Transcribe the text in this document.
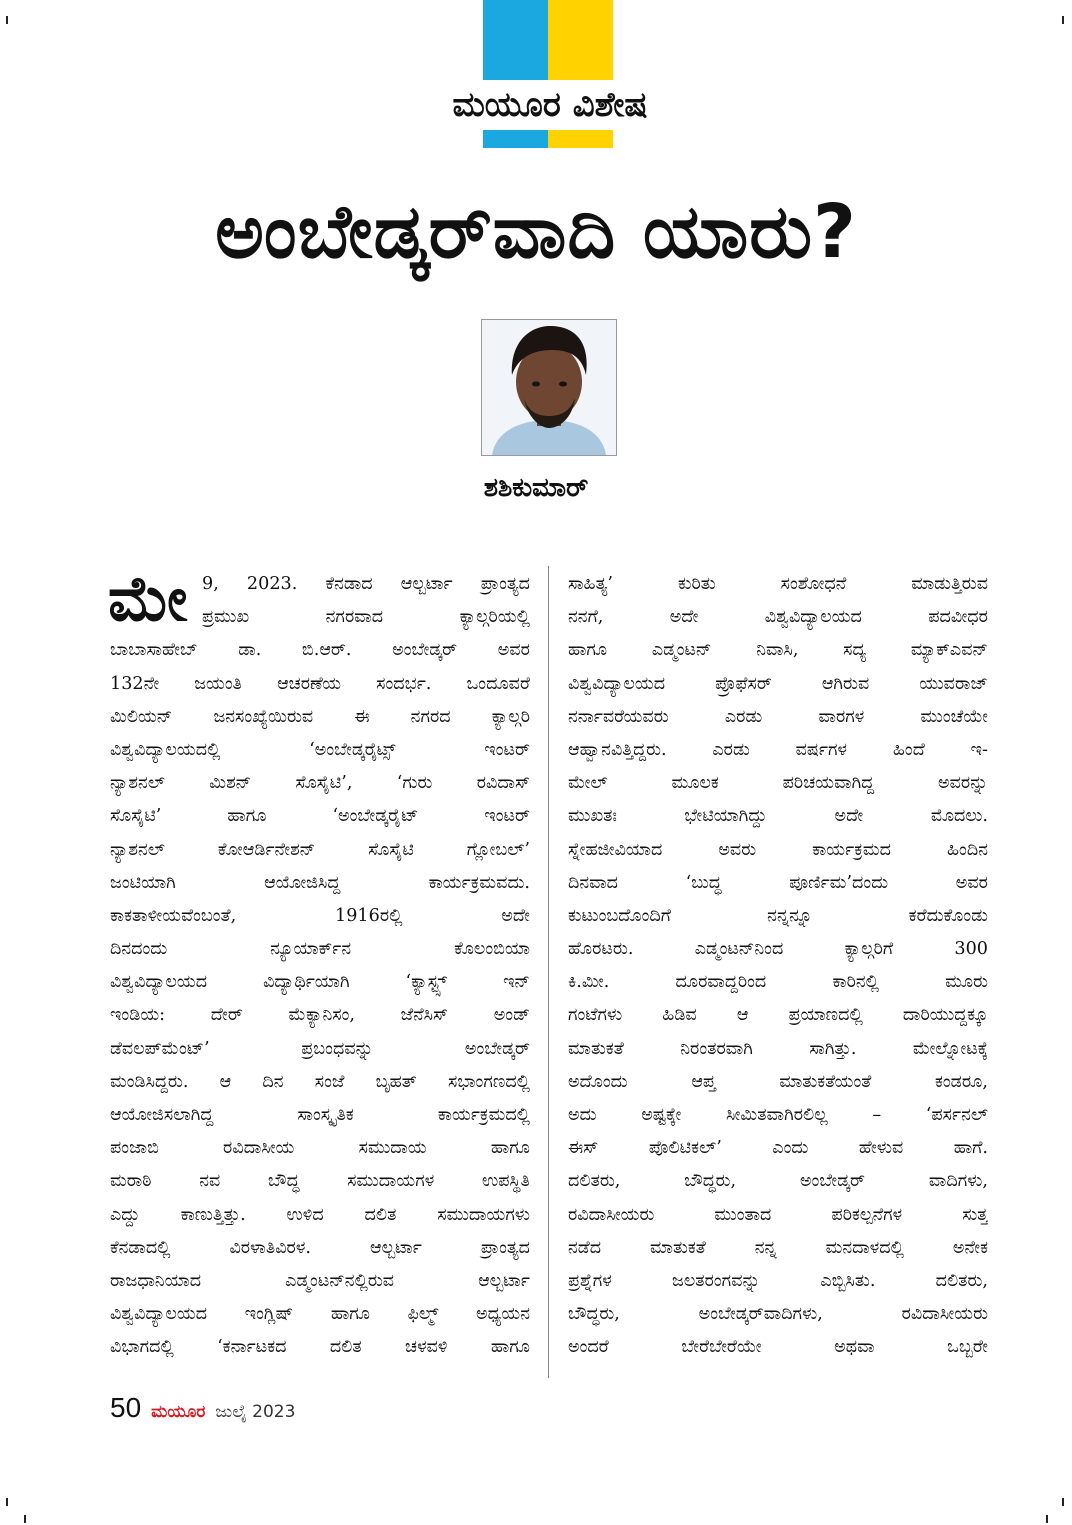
ಮಯೂರ ವಿಶೇಷ
ಅಂಬೇಡ್ಕರ್‌ವಾದಿ ಯಾರು?
ಶಶಿಕುಮಾರ್
ಮೇ 9, 2023. ಕೆನಡಾದ ಆಲ್ಬರ್ಟಾ ಪ್ರಾಂತ್ಯದ
ಪ್ರಮುಖ ನಗರವಾದ ಕ್ಯಾಲ್ಗರಿಯಲ್ಲಿ
ಬಾಬಾಸಾಹೇಬ್ ಡಾ. ಬಿ.ಆರ್. ಅಂಬೇಡ್ಕರ್ ಅವರ
132ನೇ ಜಯಂತಿ ಆಚರಣೆಯ ಸಂದರ್ಭ. ಒಂದೂವರೆ
ಮಿಲಿಯನ್ ಜನಸಂಖ್ಯೆಯಿರುವ ಈ ನಗರದ ಕ್ಯಾಲ್ಗರಿ
ವಿಶ್ವವಿದ್ಯಾಲಯದಲ್ಲಿ ‘ಅಂಬೇಡ್ಕರೈಟ್ಸ್ ಇಂಟರ್
ನ್ಯಾಶನಲ್ ಮಿಶನ್ ಸೊಸೈಟಿ’, ‘ಗುರು ರವಿದಾಸ್
ಸೊಸೈಟಿ’ ಹಾಗೂ ‘ಅಂಬೇಡ್ಕರೈಟ್ ಇಂಟರ್
ನ್ಯಾಶನಲ್ ಕೋಆರ್ಡಿನೇಶನ್ ಸೊಸೈಟಿ ಗ್ಲೋಬಲ್’
ಜಂಟಿಯಾಗಿ ಆಯೋಜಿಸಿದ್ದ ಕಾರ್ಯಕ್ರಮವದು.
ಕಾಕತಾಳೀಯವೆಂಬಂತೆ, 1916ರಲ್ಲಿ ಅದೇ
ದಿನದಂದು ನ್ಯೂಯಾರ್ಕ್‌ನ ಕೊಲಂಬಿಯಾ
ವಿಶ್ವವಿದ್ಯಾಲಯದ ವಿದ್ಯಾರ್ಥಿಯಾಗಿ ‘ಕ್ಯಾಸ್ಟ್ಸ್ ಇನ್
ಇಂಡಿಯ: ದೇರ್ ಮೆಕ್ಯಾನಿಸಂ, ಜೆನೆಸಿಸ್ ಅಂಡ್
ಡೆವಲಪ್‌ಮೆಂಟ್’ ಪ್ರಬಂಧವನ್ನು ಅಂಬೇಡ್ಕರ್
ಮಂಡಿಸಿದ್ದರು. ಆ ದಿನ ಸಂಜೆ ಬೃಹತ್ ಸಭಾಂಗಣದಲ್ಲಿ
ಆಯೋಜಿಸಲಾಗಿದ್ದ ಸಾಂಸ್ಕೃತಿಕ ಕಾರ್ಯಕ್ರಮದಲ್ಲಿ
ಪಂಜಾಬಿ ರವಿದಾಸೀಯ ಸಮುದಾಯ ಹಾಗೂ
ಮರಾಠಿ ನವ ಬೌದ್ಧ ಸಮುದಾಯಗಳ ಉಪಸ್ಥಿತಿ
ಎದ್ದು ಕಾಣುತ್ತಿತ್ತು. ಉಳಿದ ದಲಿತ ಸಮುದಾಯಗಳು
ಕೆನಡಾದಲ್ಲಿ ವಿರಳಾತಿವಿರಳ. ಆಲ್ಬರ್ಟಾ ಪ್ರಾಂತ್ಯದ
ರಾಜಧಾನಿಯಾದ ಎಡ್ಮಂಟನ್‌ನಲ್ಲಿರುವ ಆಲ್ಬರ್ಟಾ
ವಿಶ್ವವಿದ್ಯಾಲಯದ ಇಂಗ್ಲಿಷ್ ಹಾಗೂ ಫಿಲ್ಮ್ ಅಧ್ಯಯನ
ವಿಭಾಗದಲ್ಲಿ ‘ಕರ್ನಾಟಕದ ದಲಿತ ಚಳವಳಿ ಹಾಗೂ
ಸಾಹಿತ್ಯ’ ಕುರಿತು ಸಂಶೋಧನೆ ಮಾಡುತ್ತಿರುವ
ನನಗೆ, ಅದೇ ವಿಶ್ವವಿದ್ಯಾಲಯದ ಪದವೀಧರ
ಹಾಗೂ ಎಡ್ಮಂಟನ್ ನಿವಾಸಿ, ಸದ್ಯ ಮ್ಯಾಕ್‌ಎವನ್
ವಿಶ್ವವಿದ್ಯಾಲಯದ ಪ್ರೊಫೆಸರ್ ಆಗಿರುವ ಯುವರಾಜ್
ನರ್ನಾವರೆಯವರು ಎರಡು ವಾರಗಳ ಮುಂಚೆಯೇ
ಆಹ್ವಾನವಿತ್ತಿದ್ದರು. ಎರಡು ವರ್ಷಗಳ ಹಿಂದೆ ಇ-
ಮೇಲ್ ಮೂಲಕ ಪರಿಚಯವಾಗಿದ್ದ ಅವರನ್ನು
ಮುಖತಃ ಭೇಟಿಯಾಗಿದ್ದು ಅದೇ ಮೊದಲು.
ಸ್ನೇಹಜೀವಿಯಾದ ಅವರು ಕಾರ್ಯಕ್ರಮದ ಹಿಂದಿನ
ದಿನವಾದ ‘ಬುದ್ಧ ಪೂರ್ಣಿಮ’ದಂದು ಅವರ
ಕುಟುಂಬದೊಂದಿಗೆ ನನ್ನನ್ನೂ ಕರೆದುಕೊಂಡು
ಹೊರಟರು. ಎಡ್ಮಂಟನ್‌ನಿಂದ ಕ್ಯಾಲ್ಗರಿಗೆ 300
ಕಿ.ಮೀ. ದೂರವಾದ್ದರಿಂದ ಕಾರಿನಲ್ಲಿ ಮೂರು
ಗಂಟೆಗಳು ಹಿಡಿವ ಆ ಪ್ರಯಾಣದಲ್ಲಿ ದಾರಿಯುದ್ದಕ್ಕೂ
ಮಾತುಕತೆ ನಿರಂತರವಾಗಿ ಸಾಗಿತ್ತು. ಮೇಲ್ನೋಟಕ್ಕೆ
ಅದೊಂದು ಆಪ್ತ ಮಾತುಕತೆಯಂತೆ ಕಂಡರೂ,
ಅದು ಅಷ್ಟಕ್ಕೇ ಸೀಮಿತವಾಗಿರಲಿಲ್ಲ – ‘ಪರ್ಸನಲ್
ಈಸ್ ಪೊಲಿಟಿಕಲ್’ ಎಂದು ಹೇಳುವ ಹಾಗೆ.
ದಲಿತರು, ಬೌದ್ಧರು, ಅಂಬೇಡ್ಕರ್ ವಾದಿಗಳು,
ರವಿದಾಸೀಯರು ಮುಂತಾದ ಪರಿಕಲ್ಪನೆಗಳ ಸುತ್ತ
ನಡೆದ ಮಾತುಕತೆ ನನ್ನ ಮನದಾಳದಲ್ಲಿ ಅನೇಕ
ಪ್ರಶ್ನೆಗಳ ಜಲತರಂಗವನ್ನು ಎಬ್ಬಿಸಿತು. ದಲಿತರು,
ಬೌದ್ಧರು, ಅಂಬೇಡ್ಕರ್‌ವಾದಿಗಳು, ರವಿದಾಸೀಯರು
ಅಂದರೆ ಬೇರೆಬೇರೆಯೇ ಅಥವಾ ಒಬ್ಬರೇ
50 ಮಯೂರ ಜುಲೈ 2023
